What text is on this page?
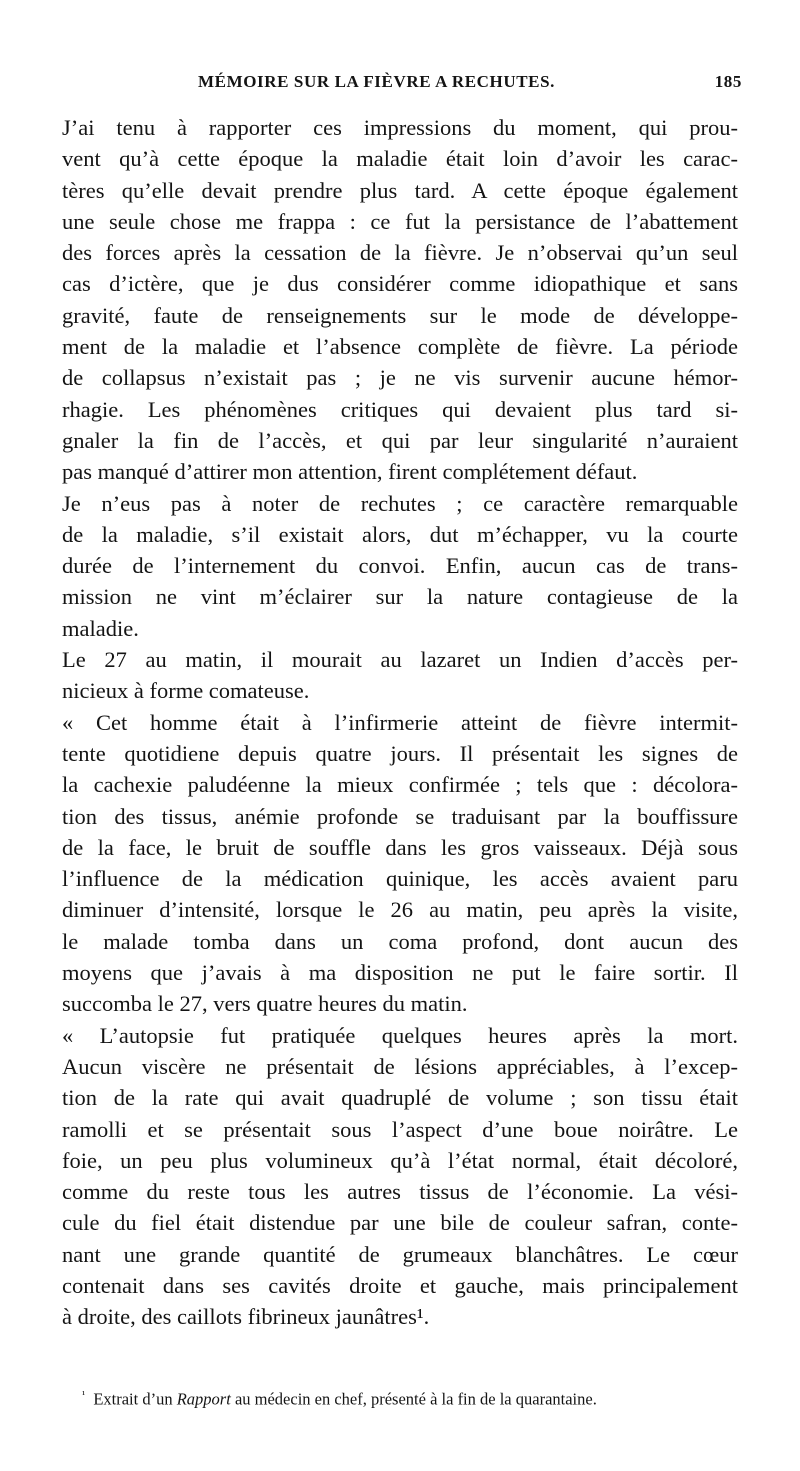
MÉMOIRE SUR LA FIÈVRE A RECHUTES.	185

J’ai tenu à rapporter ces impressions du moment, qui prou-
vent qu’à cette époque la maladie était loin d’avoir les carac-
tères qu’elle devait prendre plus tard. A cette époque également
une seule chose me frappa : ce fut la persistance de l’abattement
des forces après la cessation de la fièvre. Je n’observai qu’un seul
cas d’ictère, que je dus considérer comme idiopathique et sans
gravité, faute de renseignements sur le mode de développe-
ment de la maladie et l’absence complète de fièvre. La période
de collapsus n’existait pas ; je ne vis survenir aucune hémor-
rhagie. Les phénomènes critiques qui devaient plus tard si-
gnaler la fin de l’accès, et qui par leur singularité n’auraient
pas manqué d’attirer mon attention, firent complétement défaut.

Je n’eus pas à noter de rechutes ; ce caractère remarquable
de la maladie, s’il existait alors, dut m’échapper, vu la courte
durée de l’internement du convoi. Enfin, aucun cas de trans-
mission ne vint m’éclairer sur la nature contagieuse de la
maladie.

Le 27 au matin, il mourait au lazaret un Indien d’accès per-
nicieux à forme comateuse.

« Cet homme était à l’infirmerie atteint de fièvre intermit-
tente quotidiene depuis quatre jours. Il présentait les signes de
la cachexie paludéenne la mieux confirmée ; tels que : décolora-
tion des tissus, anémie profonde se traduisant par la bouffissure
de la face, le bruit de souffle dans les gros vaisseaux. Déjà sous
l’influence de la médication quinique, les accès avaient paru
diminuer d’intensité, lorsque le 26 au matin, peu après la visite,
le malade tomba dans un coma profond, dont aucun des
moyens que j’avais à ma disposition ne put le faire sortir. Il
succomba le 27, vers quatre heures du matin.

« L’autopsie fut pratiquée quelques heures après la mort.
Aucun viscère ne présentait de lésions appréciables, à l’excep-
tion de la rate qui avait quadruplé de volume ; son tissu était
ramolli et se présentait sous l’aspect d’une boue noirâtre. Le
foie, un peu plus volumineux qu’à l’état normal, était décoloré,
comme du reste tous les autres tissus de l’économie. La vési-
cule du fiel était distendue par une bile de couleur safran, conte-
nant une grande quantité de grumeaux blanchâtres. Le cœur
contenait dans ses cavités droite et gauche, mais principalement
à droite, des caillots fibrineux jaunâtres¹.

$^{^1}$ Extrait d’un Rapport au médecin en chef, présenté à la fin de la quarantaine.
